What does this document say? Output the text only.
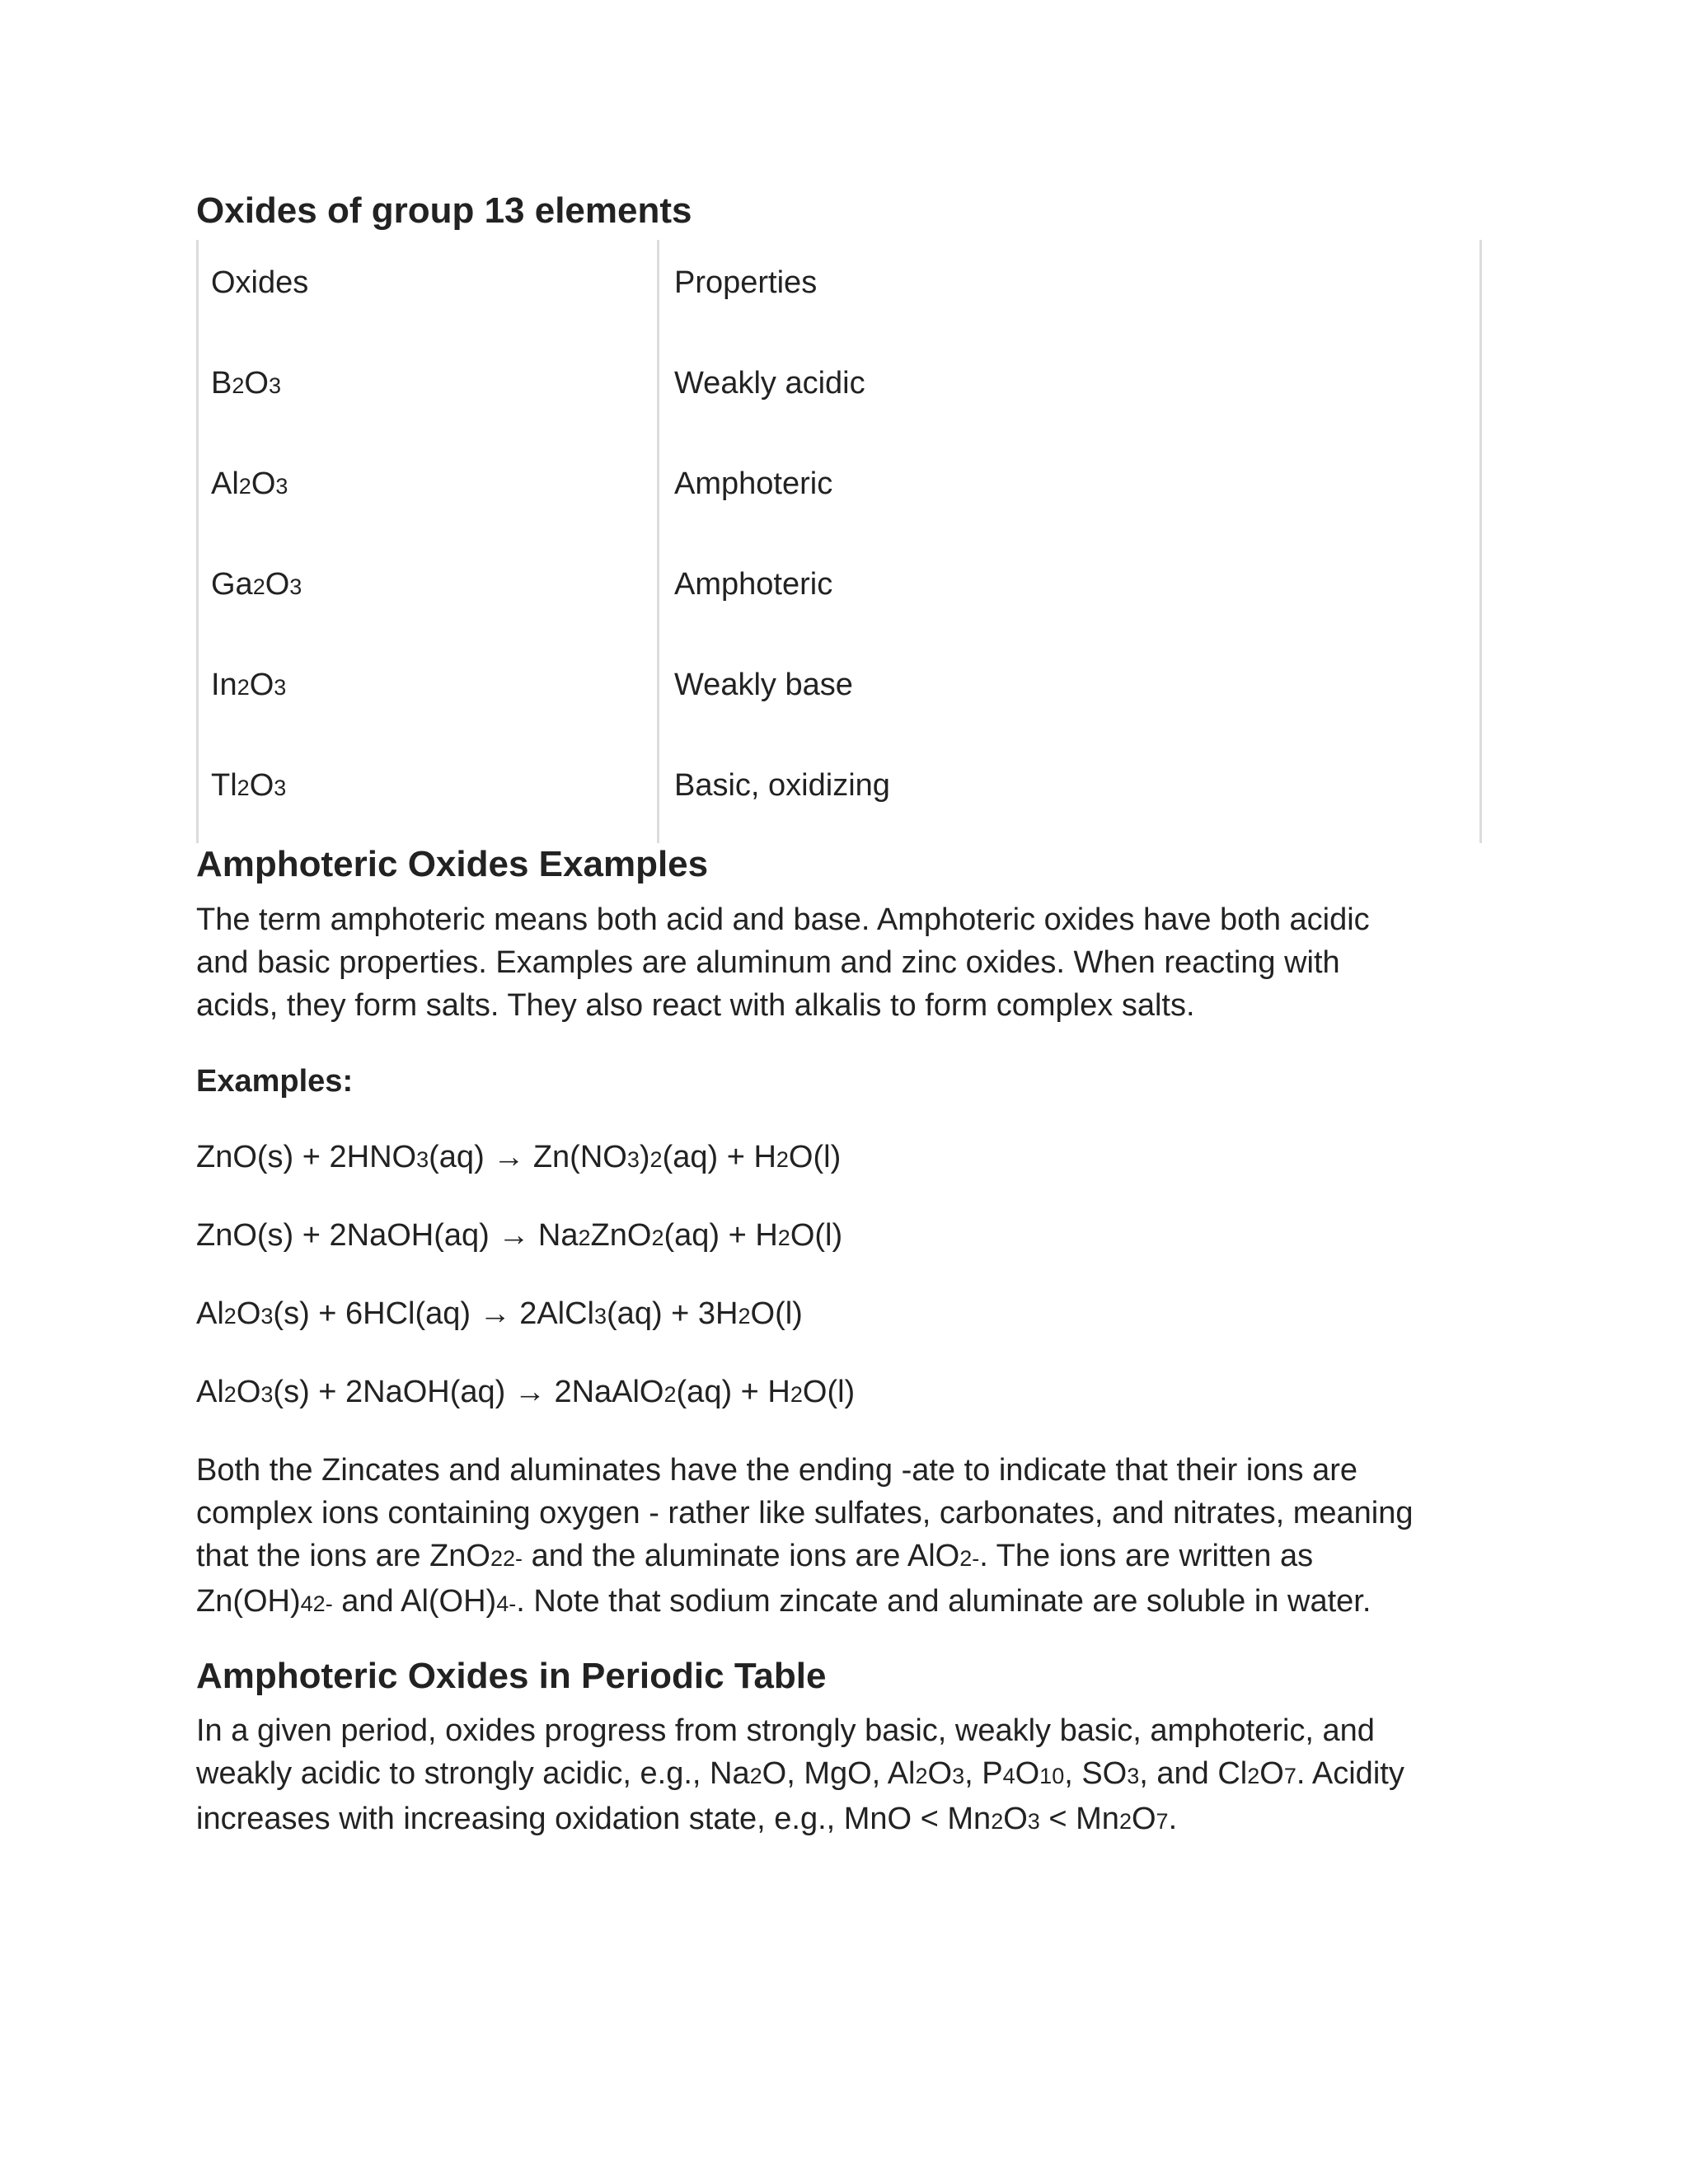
Oxides of group 13 elements
Oxides	Properties
B2O3	Weakly acidic
Al2O3	Amphoteric
Ga2O3	Amphoteric
In2O3	Weakly base
Tl2O3	Basic, oxidizing
Amphoteric Oxides Examples

The term amphoteric means both acid and base. Amphoteric oxides have both acidic

and basic properties. Examples are aluminum and zinc oxides. When reacting with

acids, they form salts. They also react with alkalis to form complex salts.

Examples:

ZnO(s) + 2HNO3(aq) → Zn(NO3)2(aq) + H2O(l)

ZnO(s) + 2NaOH(aq) → Na2ZnO2(aq) + H2O(l)

Al2O3(s) + 6HCl(aq) → 2AlCl3(aq) + 3H2O(l)

Al2O3(s) + 2NaOH(aq) → 2NaAlO2(aq) + H2O(l)

Both the Zincates and aluminates have the ending -ate to indicate that their ions are

complex ions containing oxygen - rather like sulfates, carbonates, and nitrates, meaning

that the ions are ZnO22- and the aluminate ions are AlO2-. The ions are written as

Zn(OH)42- and Al(OH)4-. Note that sodium zincate and aluminate are soluble in water.

Amphoteric Oxides in Periodic Table

In a given period, oxides progress from strongly basic, weakly basic, amphoteric, and

weakly acidic to strongly acidic, e.g., Na2O, MgO, Al2O3, P4O10, SO3, and Cl2O7. Acidity

increases with increasing oxidation state, e.g., MnO < Mn2O3 < Mn2O7.
